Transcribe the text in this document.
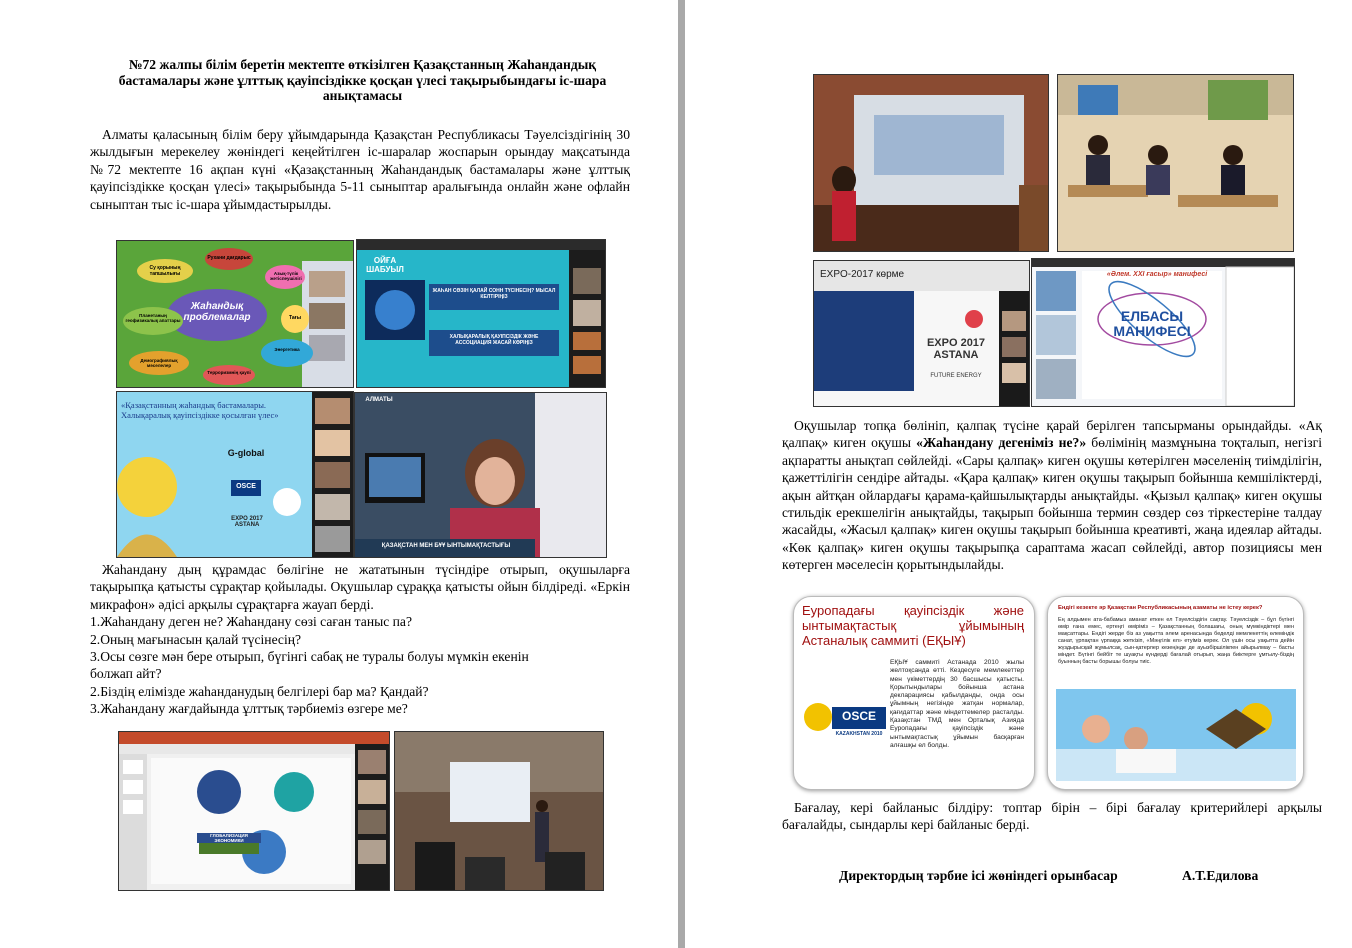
№72 жалпы білім беретін мектепте өткізілген Қазақстанның Жаһандандық бастамалары және ұлттық қауіпсіздікке қосқан үлесі тақырыбындағы іс-шара анықтамасы

Алматы қаласының білім беру ұйымдарында Қазақстан Республикасы Тәуелсіздігінің 30 жылдығын мерекелеу жөніндегі кеңейтілген іс-шаралар жоспарын орындау мақсатында №72 мектепте 16 ақпан күні «Қазақстанның Жаһандандық бастамалары және ұлттық қауіпсіздікке қосқан үлесі» тақырыбында 5-11 сыныптар аралығында онлайн және офлайн сыныптан тыс іс-шара ұйымдастырылды.

Жаһандық проблемалар
Су қорының тапшылығы
Рухани дағдарыс
Азық-түлік жетіспеушілігі
Планетаның геофизикалық апаттары	Тағы
Демографиялық мәселелер
Энергетика
Терроризмнің қаупі
ОЙҒА ШАБУЫЛ
ЖАҺАН СӨЗІН ҚАЛАЙ СОНН ТҮСІНЕСІҢ? МЫСАЛ КЕЛТІРІҢІЗ
ХАЛЫҚАРАЛЫҚ ҚАУІПСІЗДІК ЖӘНЕ АССОЦИАЦИЯ ЖАСАЙ КӨРІҢІЗ
«Қазақстанның жаһандық бастамалары. Халықаралық қауіпсіздікке қосылған үлес»
G-global
OSCE
EXPO 2017 ASTANA
АЛМАТЫ
ҚАЗАҚСТАН МЕН БҰҰ ЫНТЫМАҚТАСТЫҒЫ

Жаһандану дың құрамдас бөлігіне не жататынын түсіндіре отырып, оқушыларға тақырыпқа қатысты сұрақтар қойылады. Оқушылар сұраққа қатысты ойын білдіреді. «Еркін микрафон» әдісі арқылы сұрақтарға жауап берді.

1.Жаһандану деген не? Жаһандану сөзі саған таныс па?
2.Оның мағынасын қалай түсінесің?
3.Осы сөзге мән бере отырып, бүгінгі сабақ не туралы болуы мүмкін екенін
болжап айт?
2.Біздің елімізде жаһанданудың белгілері бар ма? Қандай?
3.Жаһандану жағдайында ұлттық тәрбиеміз өзгере ме?
ГЛОБАЛИЗАЦИЯ ЭКОНОМИКИ
EXPO-2017 көрме
EXPO 2017 ASTANA
FUTURE ENERGY
«Әлем. XXI ғасыр» манифесі
ЕЛБАСЫ МАНИФЕСІ

Оқушылар топқа бөлініп, қалпақ түсіне қарай берілген тапсырманы орындайды. «Ақ қалпақ» киген оқушы «Жаһандану дегеніміз не?» бөлімінің мазмұнына тоқталып, негізгі ақпаратты анықтап сөйлейді. «Сары қалпақ» киген оқушы көтерілген мәселенің тиімділігін, қажеттілігін сендіре айтады. «Қара қалпақ» киген оқушы тақырып бойынша кемшіліктерді, ақын айтқан ойлардағы қарама-қайшылықтарды анықтайды. «Қызыл қалпақ» киген оқушы стильдік ерекшелігін анықтайды, тақырып бойынша термин сөздер сөз тіркестеріне талдау жасайды, «Жасыл қалпақ» киген оқушы тақырып бойынша креативті, жаңа идеялар айтады. «Көк қалпақ» киген оқушы тақырыпқа сараптама жасап сөйлейді, автор позициясы мен көтерген мәселесін қорытындылайды.

Еуропадағы қауіпсіздік және ынтымақтастық ұйымының Астаналық саммиті (ЕҚЫҰ)
ЕҚЫҰ саммиті Астанада 2010 жылы желтоқсанда өтті. Кездесуге мемлекеттер мен үкіметтердің 30 басшысы қатысты. Қорытындылары бойынша астана декларациясы қабылданды, онда осы ұйымның негізінде жатқан нормалар, қағидаттар және міндеттемелер расталды. Қазақстан ТМД мен Орталық Азияда Еуропадағы қауіпсіздік және ынтымақтастық ұйымын басқарған алғашқы ел болды.
OSCE
KAZAKHSTAN 2010
Ендігі кезекте әр Қазақстан Республикасының азаматы не істеу керек?
Ең алдымен ата-бабамыз аманат еткен ел Тәуелсіздігін сақтау. Тәуелсіздік – бұл бүгінгі өмір ғана емес, ертеңгі өміріміз – Қазақстанның болашағы, оның мүмкіндіктері мен мақсаттары. Ендігі жерде біз аз уақытта әлем аренасында беделді мемлекеттің өлеміндік санат, үрпақтан үрпаққа жеткізіп, «Мәңгілік ел» етуіміз керек. Ол үшін осы уақытта дейін жүздырысқай жұмылсақ, сын-қатерлер кезеңінде де ауызбіршілікпен айырылмау – басты міндет. Бүгінгі бейбіт те шуақты күндерді бағалай отырып, жаңа биіктерге ұмтылу-біздің буынның басты борышы болуы тиіс.

Бағалау, кері байланыс білдіру: топтар бірін – бірі бағалау критерийлері арқылы бағалайды, сындарлы кері байланыс берді.

Директордың тәрбие ісі жөніндегі орынбасар	А.Т.Едилова
